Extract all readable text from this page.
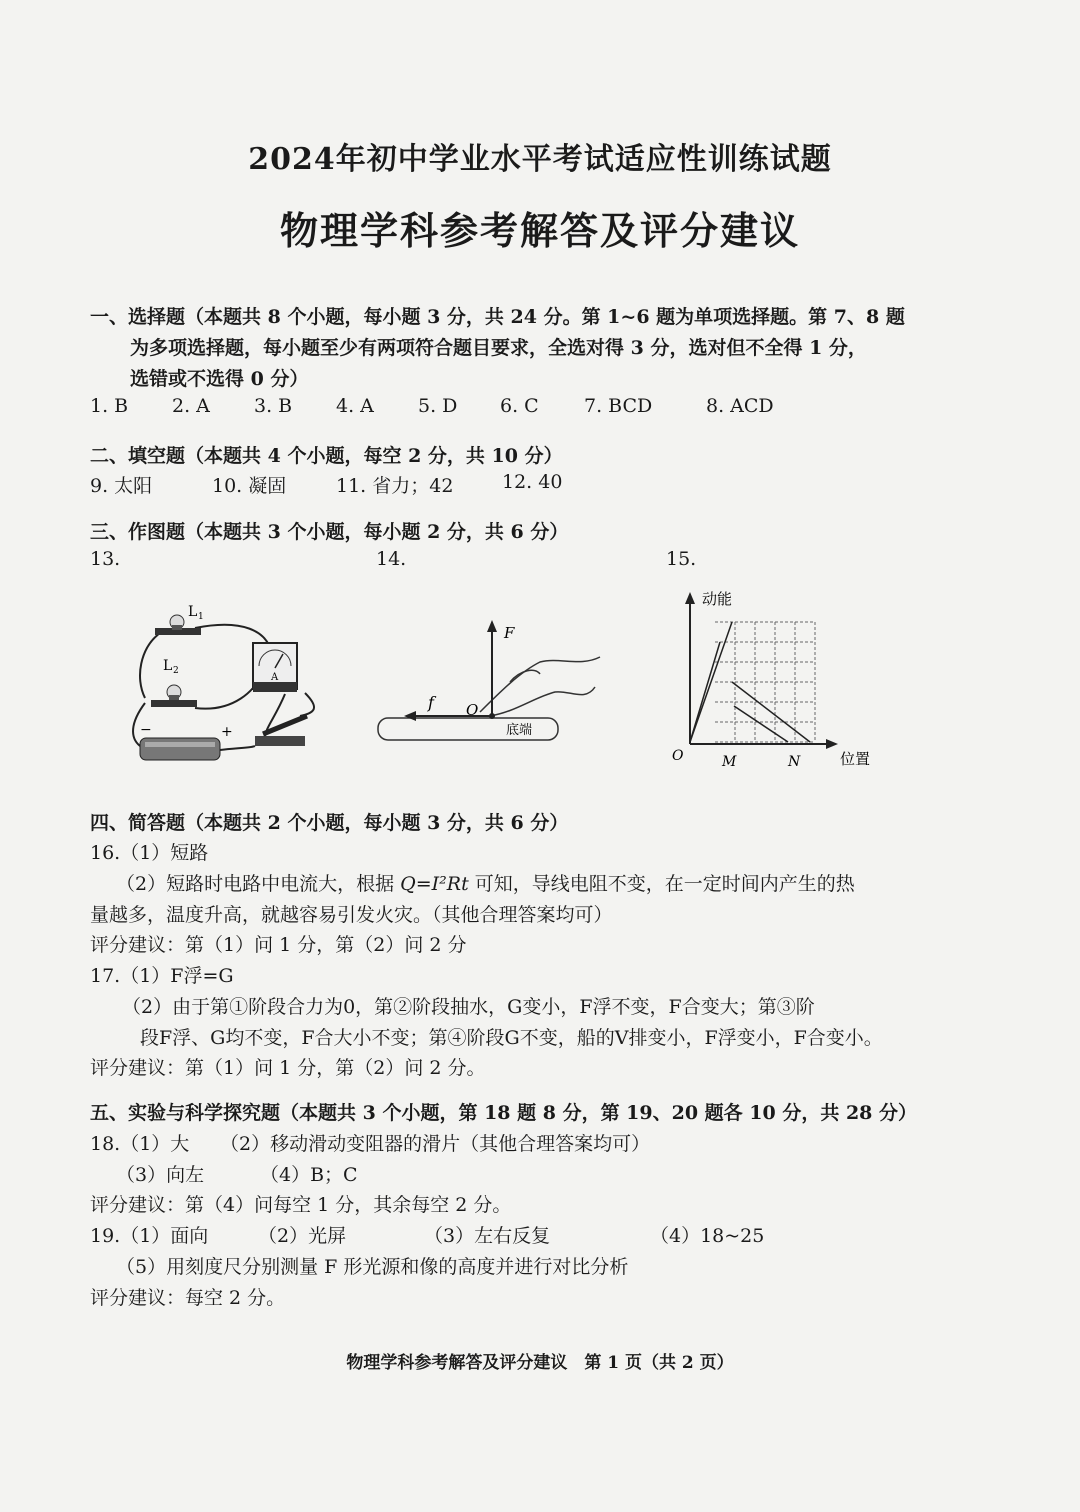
2024年初中学业水平考试适应性训练试题
物理学科参考解答及评分建议
一、选择题（本题共 8 个小题，每小题 3 分，共 24 分。第 1~6 题为单项选择题。第 7、8 题
为多项选择题，每小题至少有两项符合题目要求，全选对得 3 分，选对但不全得 1 分，
选错或不选得 0 分）
1. B 2. A 3. B 4. A 5. D 6. C 7. BCD	8. ACD
二、填空题（本题共 4 个小题，每空 2 分，共 10 分）
9. 太阳	10. 凝固	11. 省力；42	12. 40
三、作图题（本题共 3 个小题，每小题 2 分，共 6 分）
13.	14.	15.
L 1
L 2
A
−	+
F
f O
底端
动能
位置
O	M	N
四、简答题（本题共 2 个小题，每小题 3 分，共 6 分）
16.（1）短路
（2）短路时电路中电流大，根据 Q=I²Rt 可知，导线电阻不变，在一定时间内产生的热
量越多，温度升高，就越容易引发火灾。（其他合理答案均可）
评分建议：第（1）问 1 分，第（2）问 2 分
17.（1）F浮=G
（2）由于第①阶段合力为0，第②阶段抽水，G变小，F浮不变，F合变大；第③阶
段F浮、G均不变，F合大小不变；第④阶段G不变，船的V排变小，F浮变小，F合变小。
评分建议：第（1）问 1 分，第（2）问 2 分。
五、实验与科学探究题（本题共 3 个小题，第 18 题 8 分，第 19、20 题各 10 分，共 28 分）
18.（1）大 （2）移动滑动变阻器的滑片（其他合理答案均可）
（3）向左	（4）B；C
评分建议：第（4）问每空 1 分，其余每空 2 分。
19.（1）面向	（2）光屏	（3）左右反复	（4）18~25
（5）用刻度尺分别测量 F 形光源和像的高度并进行对比分析
评分建议：每空 2 分。
物理学科参考解答及评分建议　第 1 页（共 2 页）
